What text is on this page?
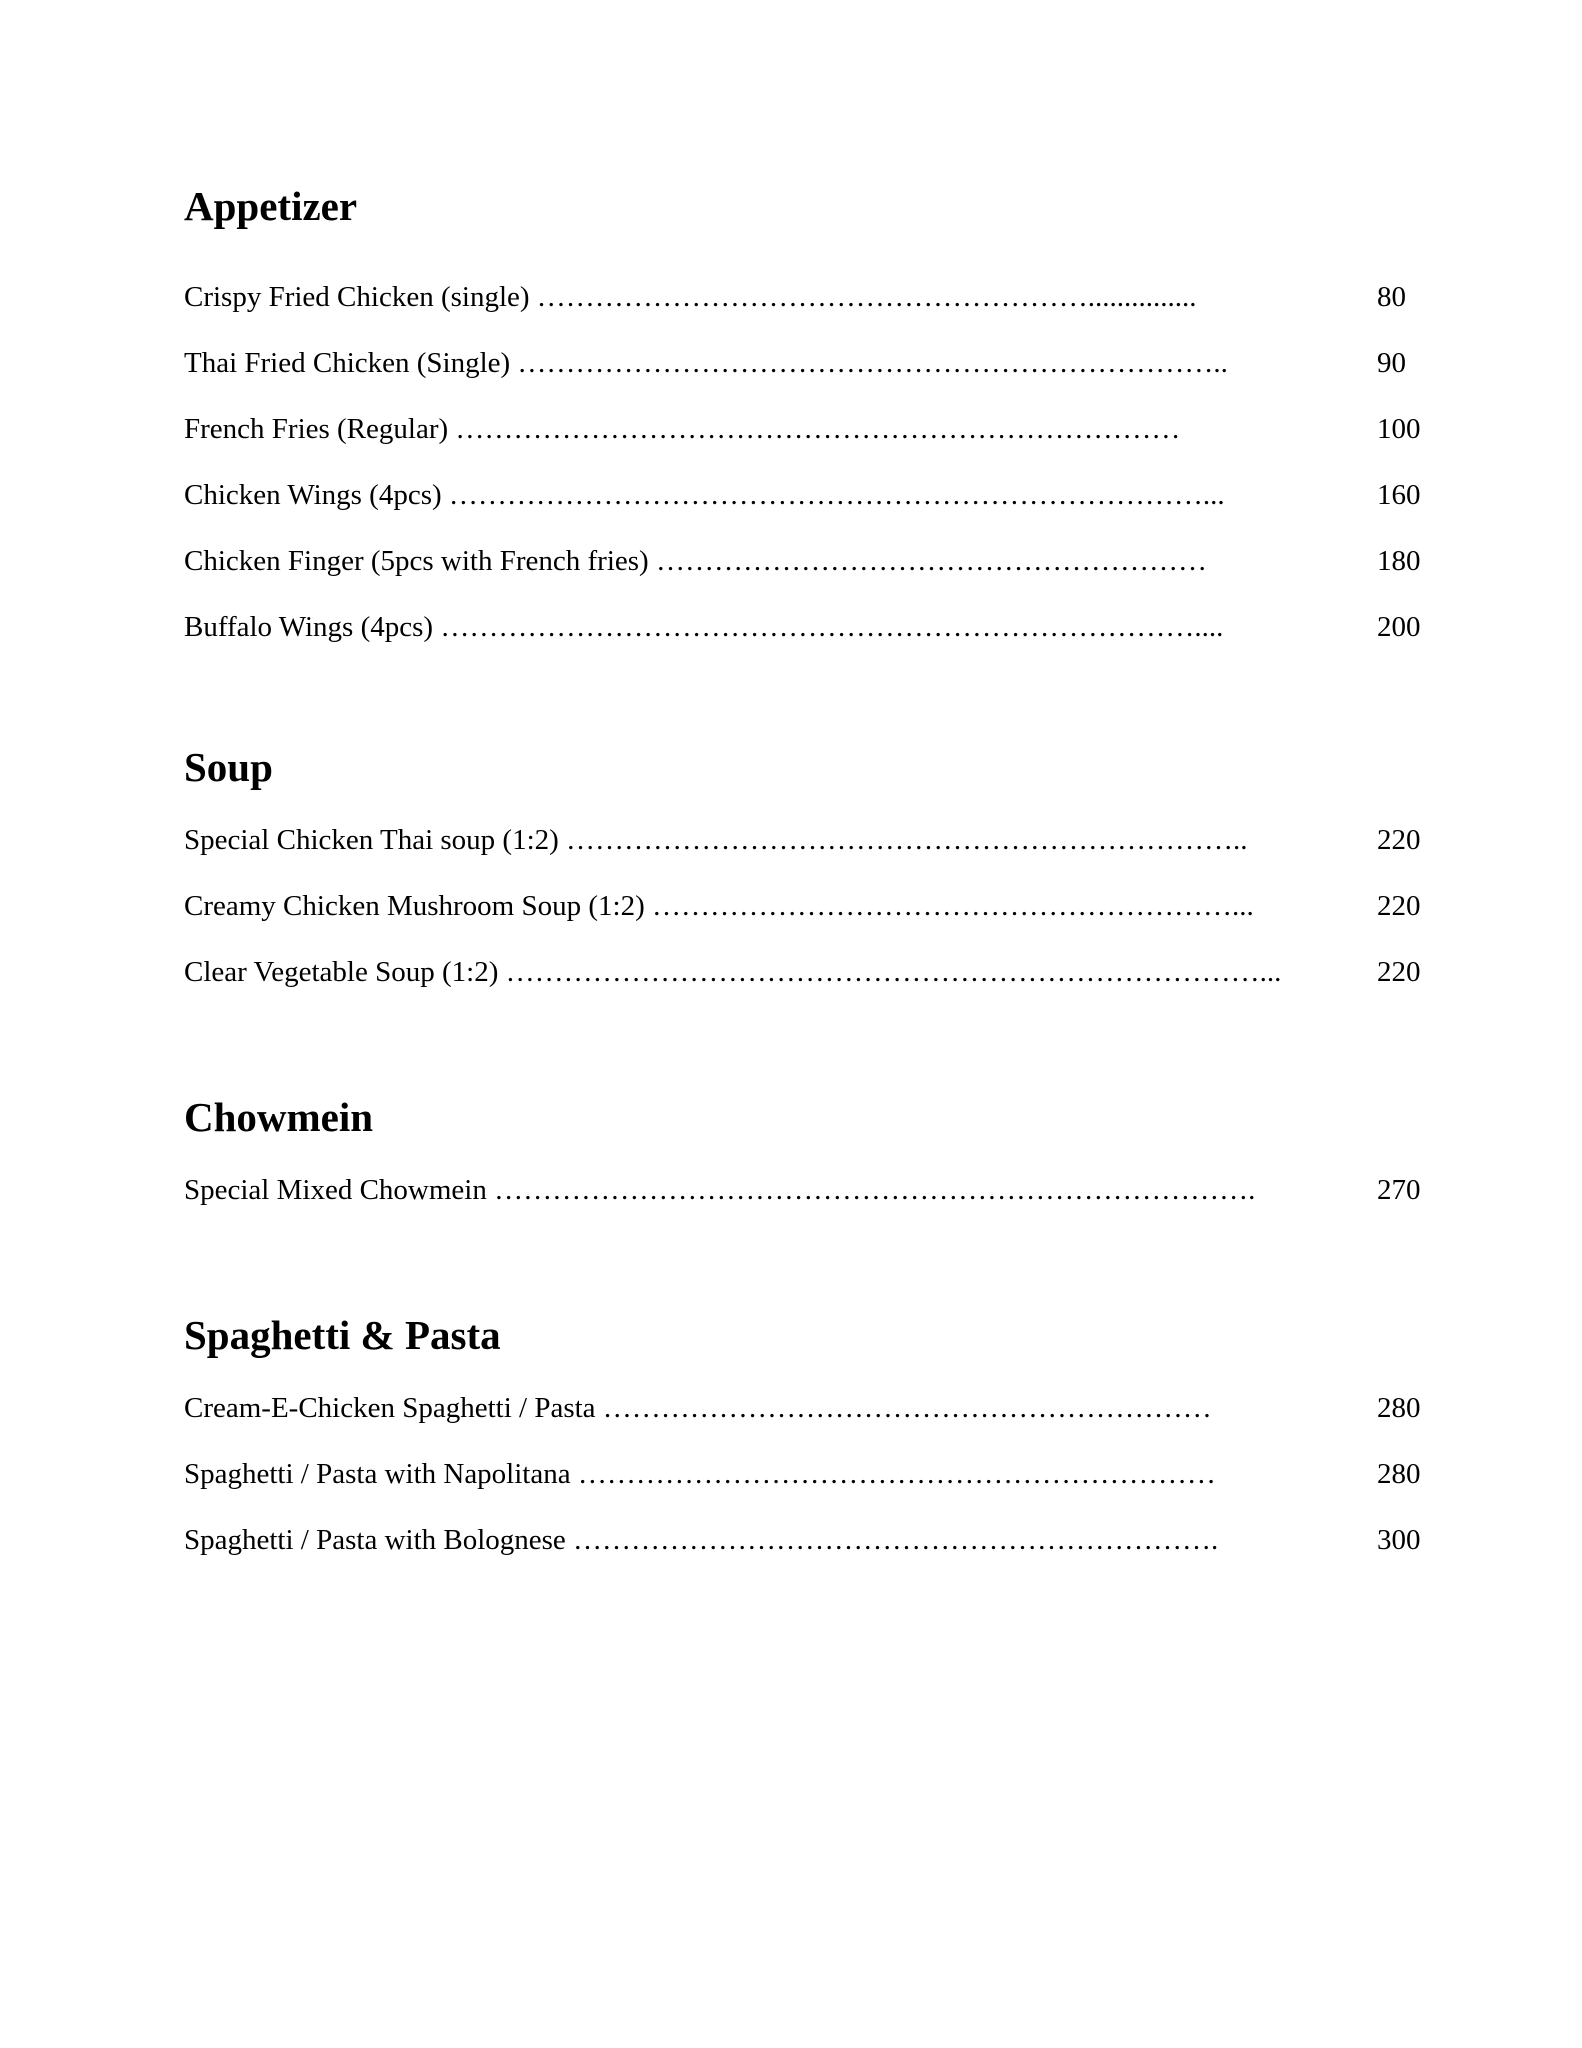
Appetizer
Crispy Fried Chicken (single) …………………………………………………...............	80
Thai Fried Chicken (Single) ………………………………………………………………..	90
French Fries (Regular) …………………………………………………………………	100
Chicken Wings (4pcs) ……………………………………………………………………...	160
Chicken Finger (5pcs with French fries) …………………………………………………	180
Buffalo Wings (4pcs) ……………………………………………………………………....	200
Soup
Special Chicken Thai soup (1:2) ……………………………………………………………..	220
Creamy Chicken Mushroom Soup (1:2) ……………………………………………………...	220
Clear Vegetable Soup (1:2) ……………………………………………………………………...	220
Chowmein
Special Mixed Chowmein …………………………………………………………………….	270
Spaghetti & Pasta
Cream-E-Chicken Spaghetti / Pasta ………………………………………………………	280
Spaghetti / Pasta with Napolitana …………………………………………………………	280
Spaghetti / Pasta with Bolognese ………………………………………………………….	300
